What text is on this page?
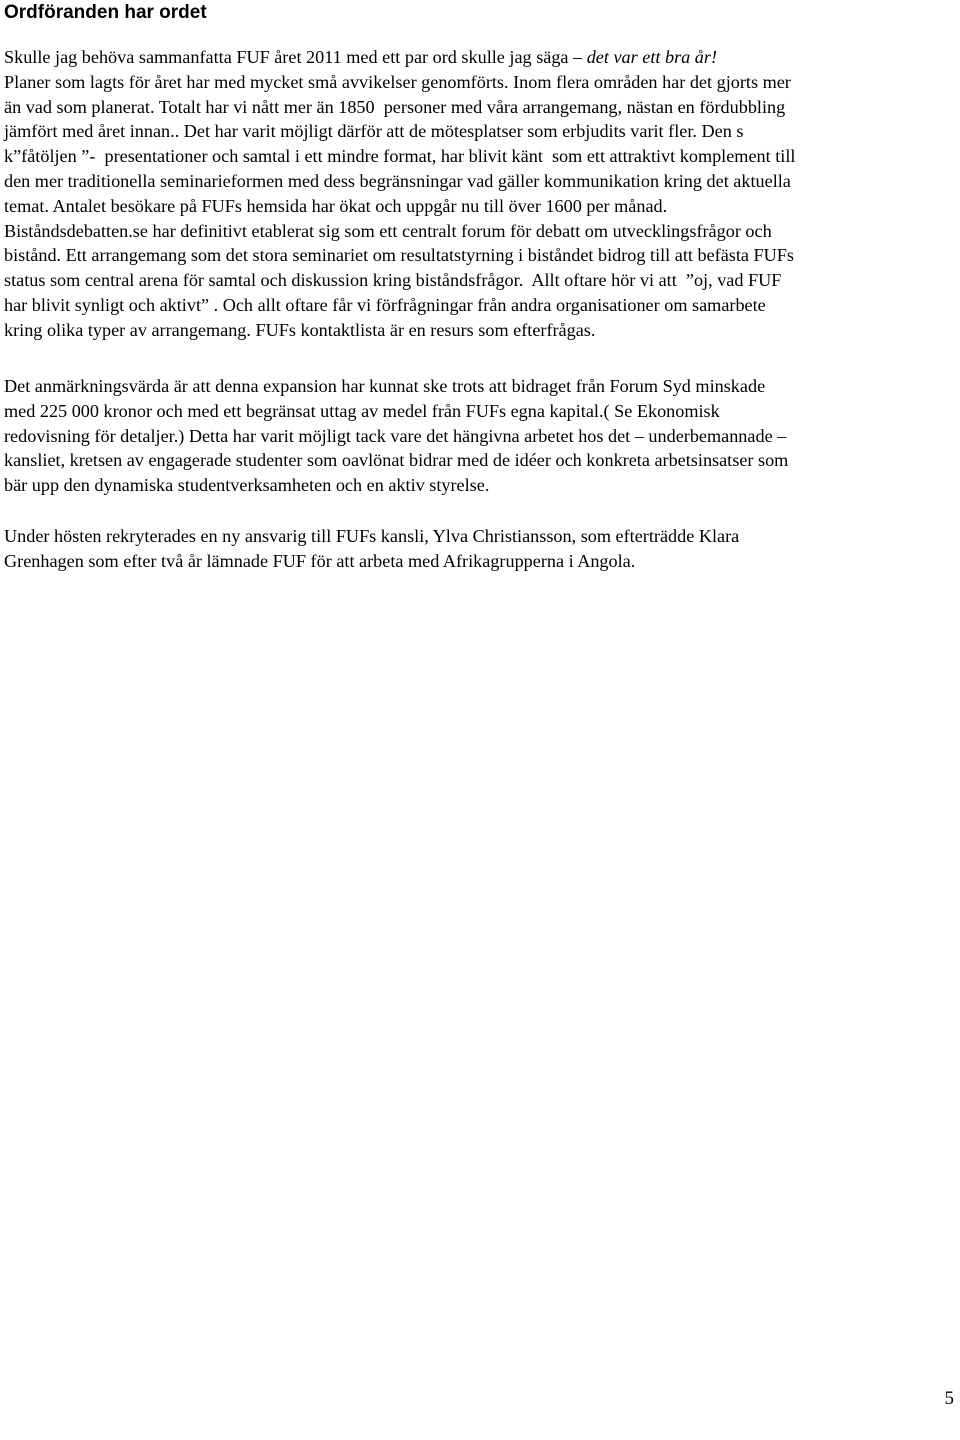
Ordföranden har ordet
Skulle jag behöva sammanfatta FUF året 2011 med ett par ord skulle jag säga – det var ett bra år!
Planer som lagts för året har med mycket små avvikelser genomförts. Inom flera områden har det gjorts mer
än vad som planerat. Totalt har vi nått mer än 1850  personer med våra arrangemang, nästan en fördubbling
jämfört med året innan.. Det har varit möjligt därför att de mötesplatser som erbjudits varit fler. Den s
k”fåtöljen ”-  presentationer och samtal i ett mindre format, har blivit känt  som ett attraktivt komplement till
den mer traditionella seminarieformen med dess begränsningar vad gäller kommunikation kring det aktuella
temat. Antalet besökare på FUFs hemsida har ökat och uppgår nu till över 1600 per månad.
Biståndsdebatten.se har definitivt etablerat sig som ett centralt forum för debatt om utvecklingsfrågor och
bistånd. Ett arrangemang som det stora seminariet om resultatstyrning i biståndet bidrog till att befästa FUFs
status som central arena för samtal och diskussion kring biståndsfrågor.  Allt oftare hör vi att  ”oj, vad FUF
har blivit synligt och aktivt” . Och allt oftare får vi förfrågningar från andra organisationer om samarbete
kring olika typer av arrangemang. FUFs kontaktlista är en resurs som efterfrågas.
Det anmärkningsvärda är att denna expansion har kunnat ske trots att bidraget från Forum Syd minskade
med 225 000 kronor och med ett begränsat uttag av medel från FUFs egna kapital.( Se Ekonomisk
redovisning för detaljer.) Detta har varit möjligt tack vare det hängivna arbetet hos det – underbemannade –
kansliet, kretsen av engagerade studenter som oavlönat bidrar med de idéer och konkreta arbetsinsatser som
bär upp den dynamiska studentverksamheten och en aktiv styrelse.
Under hösten rekryterades en ny ansvarig till FUFs kansli, Ylva Christiansson, som efterträdde Klara
Grenhagen som efter två år lämnade FUF för att arbeta med Afrikagrupperna i Angola.
5
